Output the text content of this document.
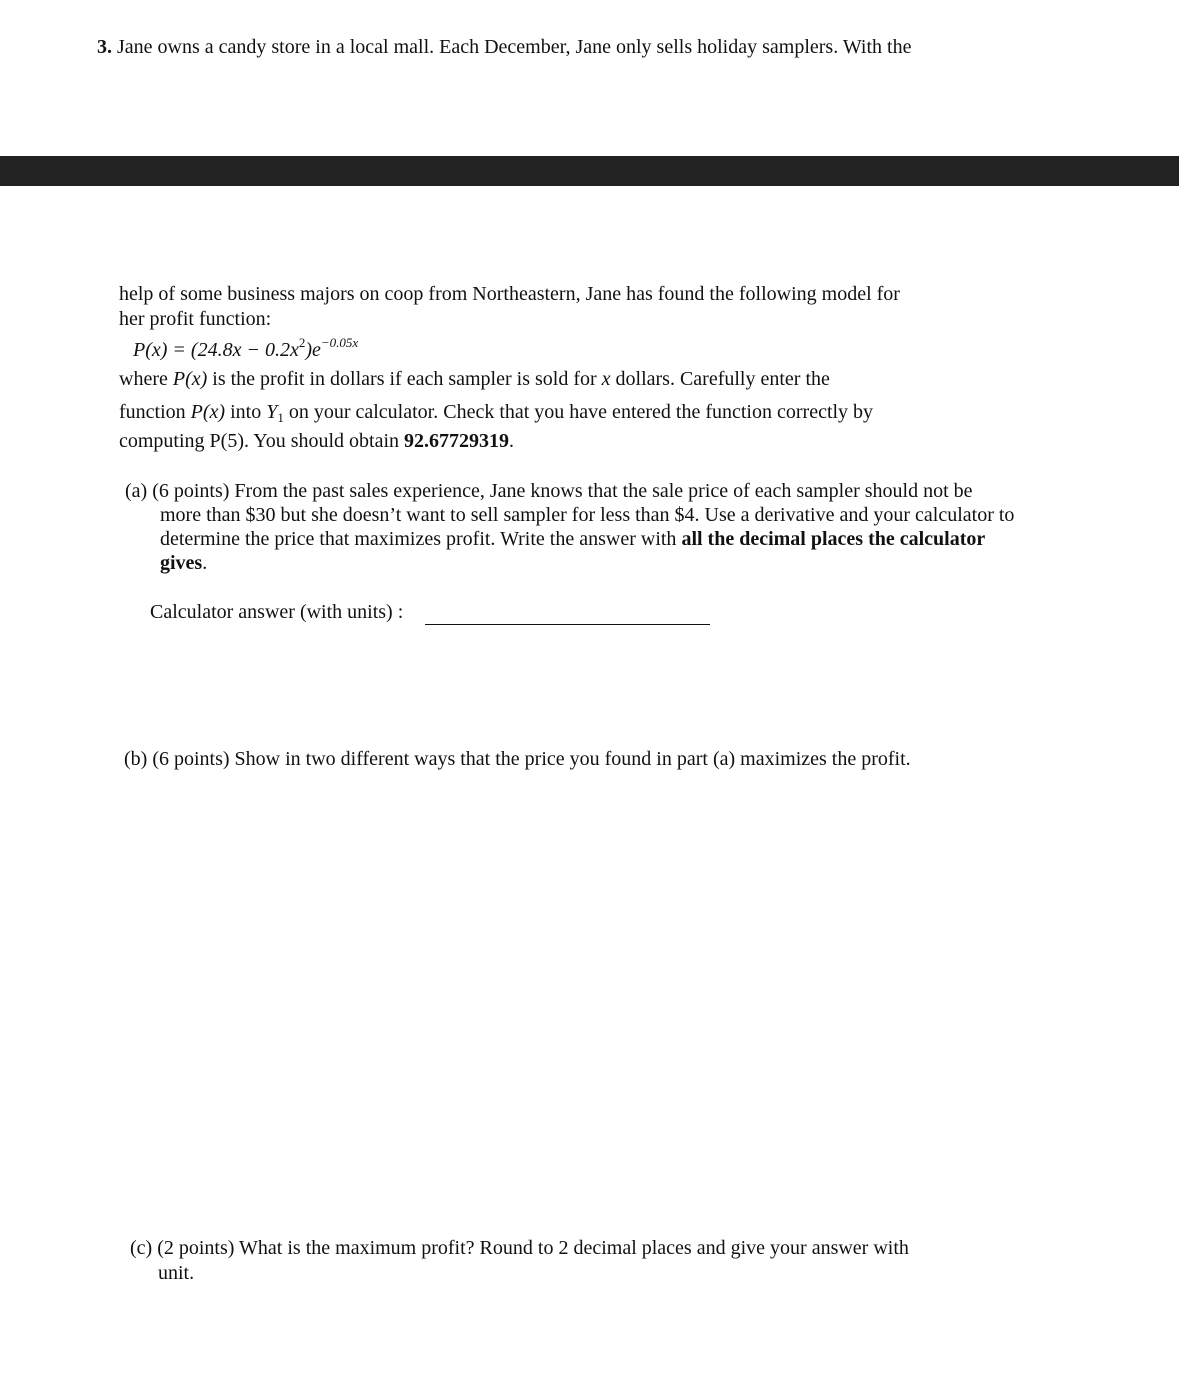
3. Jane owns a candy store in a local mall. Each December, Jane only sells holiday samplers. With the
help of some business majors on coop from Northeastern, Jane has found the following model for
her profit function:
$P(x) = (24.8x - 0.2x^2)e^{-0.05x}$
where P(x) is the profit in dollars if each sampler is sold for x dollars. Carefully enter the
function P(x) into $Y_1$ on your calculator. Check that you have entered the function correctly by
computing P(5). You should obtain 92.67729319.
(a) (6 points) From the past sales experience, Jane knows that the sale price of each sampler should not be
more than $30 but she doesn’t want to sell sampler for less than $4. Use a derivative and your calculator to
determine the price that maximizes profit. Write the answer with all the decimal places the calculator
gives.
Calculator answer (with units) :
(b) (6 points) Show in two different ways that the price you found in part (a) maximizes the profit.
(c) (2 points) What is the maximum profit? Round to 2 decimal places and give your answer with
unit.
